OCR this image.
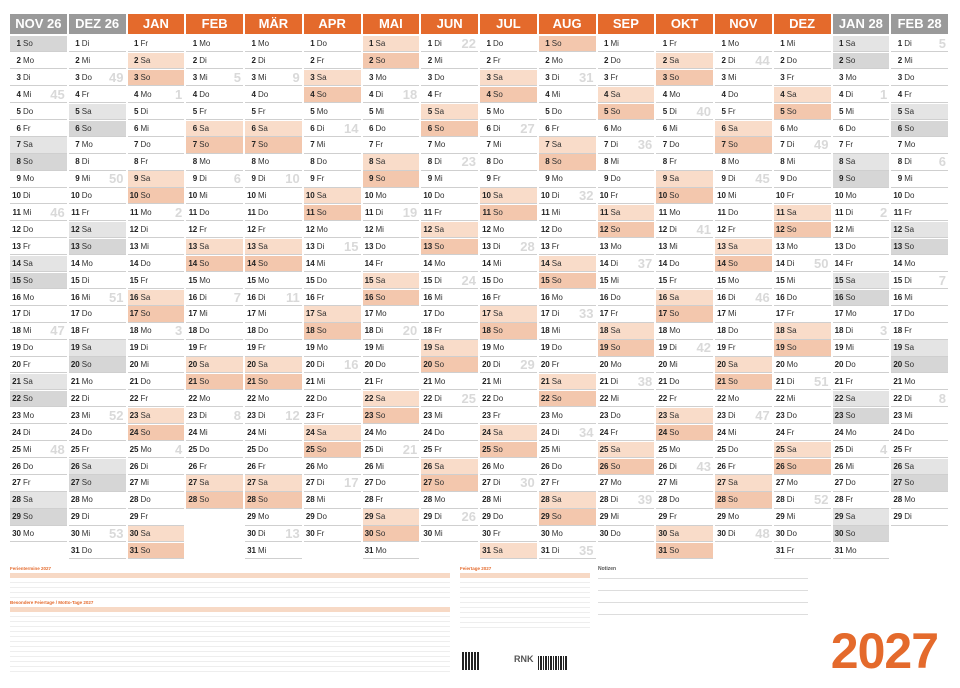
NOV 26
1 So
2 Mo
3 Di
4 Mi 45
5 Do
6 Fr
7 Sa
8 So
9 Mo
10 Di
11 Mi 46
12 Do
13 Fr
14 Sa
15 So
16 Mo
17 Di
18 Mi 47
19 Do
20 Fr
21 Sa
22 So
23 Mo
24 Di
25 Mi 48
26 Do
27 Fr
28 Sa
29 So
30 Mo
DEZ 26
1 Di
2 Mi
3 Do 49
4 Fr
5 Sa
6 So
7 Mo
8 Di
9 Mi 50
10 Do
11 Fr
12 Sa
13 So
14 Mo
15 Di
16 Mi 51
17 Do
18 Fr
19 Sa
20 So
21 Mo
22 Di
23 Mi 52
24 Do
25 Fr
26 Sa
27 So
28 Mo
29 Di
30 Mi 53
31 Do
JAN
1 Fr
2 Sa
3 So
4 Mo 1
5 Di
6 Mi
7 Do
8 Fr
9 Sa
10 So
11 Mo 2
12 Di
13 Mi
14 Do
15 Fr
16 Sa
17 So
18 Mo 3
19 Di
20 Mi
21 Do
22 Fr
23 Sa
24 So
25 Mo 4
26 Di
27 Mi
28 Do
29 Fr
30 Sa
31 So
FEB
1 Mo
2 Di
3 Mi 5
4 Do
5 Fr
6 Sa
7 So
8 Mo
9 Di 6
10 Mi
11 Do
12 Fr
13 Sa
14 So
15 Mo
16 Di 7
17 Mi
18 Do
19 Fr
20 Sa
21 So
22 Mo
23 Di 8
24 Mi
25 Do
26 Fr
27 Sa
28 So
MÄR
1 Mo
2 Di
3 Mi 9
4 Do
5 Fr
6 Sa
7 So
8 Mo
9 Di 10
10 Mi
11 Do
12 Fr
13 Sa
14 So
15 Mo
16 Di 11
17 Mi
18 Do
19 Fr
20 Sa
21 So
22 Mo
23 Di 12
24 Mi
25 Do
26 Fr
27 Sa
28 So
29 Mo
30 Di 13
31 Mi
APR
1 Do
2 Fr
3 Sa
4 So
5 Mo
6 Di 14
7 Mi
8 Do
9 Fr
10 Sa
11 So
12 Mo
13 Di 15
14 Mi
15 Do
16 Fr
17 Sa
18 So
19 Mo
20 Di 16
21 Mi
22 Do
23 Fr
24 Sa
25 So
26 Mo
27 Di 17
28 Mi
29 Do
30 Fr
MAI
1 Sa
2 So
3 Mo
4 Di 18
5 Mi
6 Do
7 Fr
8 Sa
9 So
10 Mo
11 Di 19
12 Mi
13 Do
14 Fr
15 Sa
16 So
17 Mo
18 Di 20
19 Mi
20 Do
21 Fr
22 Sa
23 So
24 Mo
25 Di 21
26 Mi
27 Do
28 Fr
29 Sa
30 So
31 Mo
JUN
1 Di 22
2 Mi
3 Do
4 Fr
5 Sa
6 So
7 Mo
8 Di 23
9 Mi
10 Do
11 Fr
12 Sa
13 So
14 Mo
15 Di 24
16 Mi
17 Do
18 Fr
19 Sa
20 So
21 Mo
22 Di 25
23 Mi
24 Do
25 Fr
26 Sa
27 So
28 Mo
29 Di 26
30 Mi
JUL
1 Do
2 Fr
3 Sa
4 So
5 Mo
6 Di 27
7 Mi
8 Do
9 Fr
10 Sa
11 So
12 Mo
13 Di 28
14 Mi
15 Do
16 Fr
17 Sa
18 So
19 Mo
20 Di 29
21 Mi
22 Do
23 Fr
24 Sa
25 So
26 Mo
27 Di 30
28 Mi
29 Do
30 Fr
31 Sa
AUG
1 So
2 Mo
3 Di 31
4 Mi
5 Do
6 Fr
7 Sa
8 So
9 Mo
10 Di 32
11 Mi
12 Do
13 Fr
14 Sa
15 So
16 Mo
17 Di 33
18 Mi
19 Do
20 Fr
21 Sa
22 So
23 Mo
24 Di 34
25 Mi
26 Do
27 Fr
28 Sa
29 So
30 Mo
31 Di 35
SEP
1 Mi
2 Do
3 Fr
4 Sa
5 So
6 Mo
7 Di 36
8 Mi
9 Do
10 Fr
11 Sa
12 So
13 Mo
14 Di 37
15 Mi
16 Do
17 Fr
18 Sa
19 So
20 Mo
21 Di 38
22 Mi
23 Do
24 Fr
25 Sa
26 So
27 Mo
28 Di 39
29 Mi
30 Do
OKT
1 Fr
2 Sa
3 So
4 Mo
5 Di 40
6 Mi
7 Do
8 Fr
9 Sa
10 So
11 Mo
12 Di 41
13 Mi
14 Do
15 Fr
16 Sa
17 So
18 Mo
19 Di 42
20 Mi
21 Do
22 Fr
23 Sa
24 So
25 Mo
26 Di 43
27 Mi
28 Do
29 Fr
30 Sa
31 So
NOV
1 Mo
2 Di 44
3 Mi
4 Do
5 Fr
6 Sa
7 So
8 Mo
9 Di 45
10 Mi
11 Do
12 Fr
13 Sa
14 So
15 Mo
16 Di 46
17 Mi
18 Do
19 Fr
20 Sa
21 So
22 Mo
23 Di 47
24 Mi
25 Do
26 Fr
27 Sa
28 So
29 Mo
30 Di 48
DEZ
1 Mi
2 Do
3 Fr
4 Sa
5 So
6 Mo
7 Di 49
8 Mi
9 Do
10 Fr
11 Sa
12 So
13 Mo
14 Di 50
15 Mi
16 Do
17 Fr
18 Sa
19 So
20 Mo
21 Di 51
22 Mi
23 Do
24 Fr
25 Sa
26 So
27 Mo
28 Di 52
29 Mi
30 Do
31 Fr
JAN 28
1 Sa
2 So
3 Mo
4 Di 1
5 Mi
6 Do
7 Fr
8 Sa
9 So
10 Mo
11 Di 2
12 Mi
13 Do
14 Fr
15 Sa
16 So
17 Mo
18 Di 3
19 Mi
20 Do
21 Fr
22 Sa
23 So
24 Mo
25 Di 4
26 Mi
27 Do
28 Fr
29 Sa
30 So
31 Mo
FEB 28
1 Di 5
2 Mi
3 Do
4 Fr
5 Sa
6 So
7 Mo
8 Di 6
9 Mi
10 Do
11 Fr
12 Sa
13 So
14 Mo
15 Di 7
16 Mi
17 Do
18 Fr
19 Sa
20 So
21 Mo
22 Di 8
23 Mi
24 Do
25 Fr
26 Sa
27 So
28 Mo
29 Di
Ferientermine 2027
Besondere Feiertage / Motto-Tage 2027
Feiertage 2027
RNK
Notizen
2027
